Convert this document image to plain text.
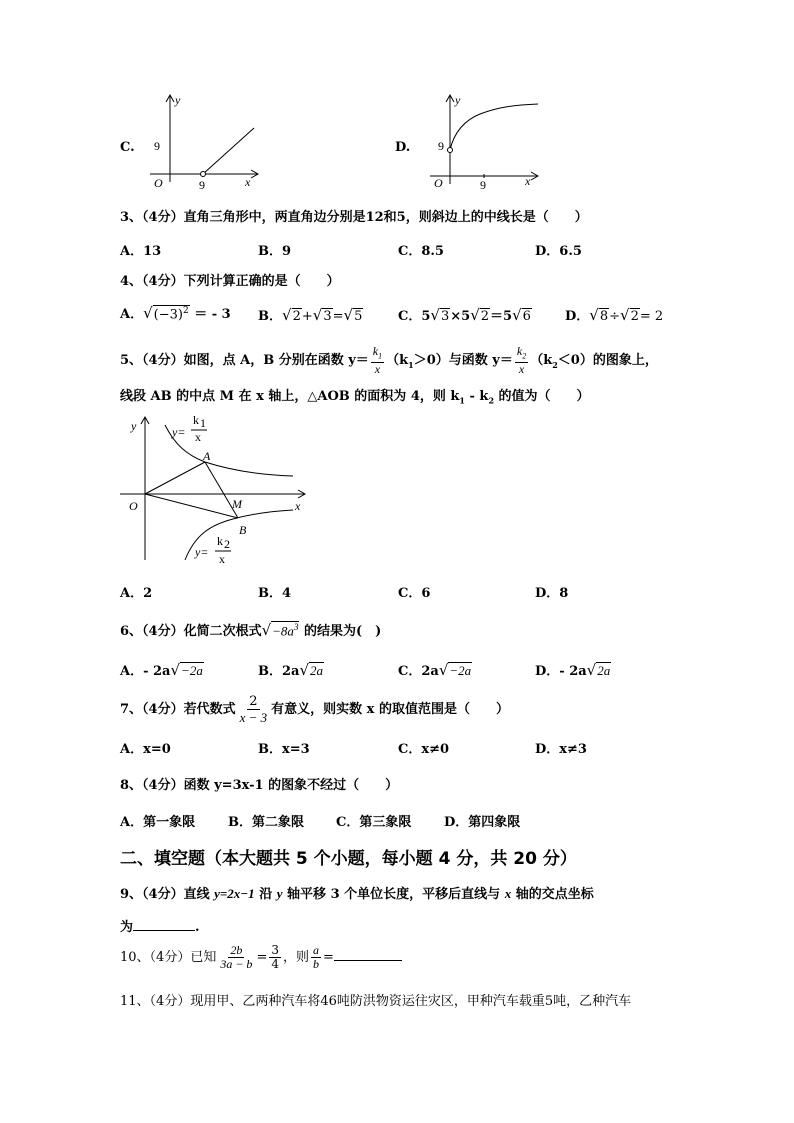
C.
y
x
O
9
9
D.
y
x
O
9
9
3、（4分）直角三角形中，两直角边分别是12和5，则斜边上的中线长是（　　）
A．13	B．9	C．8.5	D．6.5
4、（4分）下列计算正确的是（　　）
A．$√(-3)^2$ ＝ - 3 B．√2+√3=√5	C．5√3×5√2＝5√6	D．√8÷√2= 2
5、（4分）如图，点 A，B 分别在函数 $y= \frac{k_1}{x} (k_1>0)$与函数 $y= \frac{k_2}{x} (k_2<0)$的图象上，
线段 AB 的中点 M 在 x 轴上，△AOB 的面积为 4，则 $k_1 - k_2$ 的值为（　　）
y
x
O
A
B
M
y=
k 1
x
y=
k 2
x
A．2	B．4	C．6	D．8
6、（4分）化简二次根式$√-8a^3$ 的结果为(　)
A．- 2a√−2a	B．2a√2a	C．2a√−2a	D．- 2a√2a
7、（4分）若代数式 $\frac{2}{x - 3}$ 有意义，则实数 x 的取值范围是（　　）
A．x=0	B．x=3	C．x≠0	D．x≠3
8、（4分）函数 y=3x-1 的图象不经过（　　）
A．第一象限	B．第二象限 C．第三象限	D．第四象限
二、填空题（本大题共 5 个小题，每小题 4 分，共 20 分）
9、（4分）直线 y=2x−1 沿 y 轴平移 3 个单位长度，平移后直线与 x 轴的交点坐标
为	.
10、（4分）已知 $\frac{2b}{3a - b} = \frac{3}{4}$ ，则 $\frac{a}{b}$ =
11、（4分）现用甲、乙两种汽车将46吨防洪物资运往灾区，甲种汽车载重5吨，乙种汽车
